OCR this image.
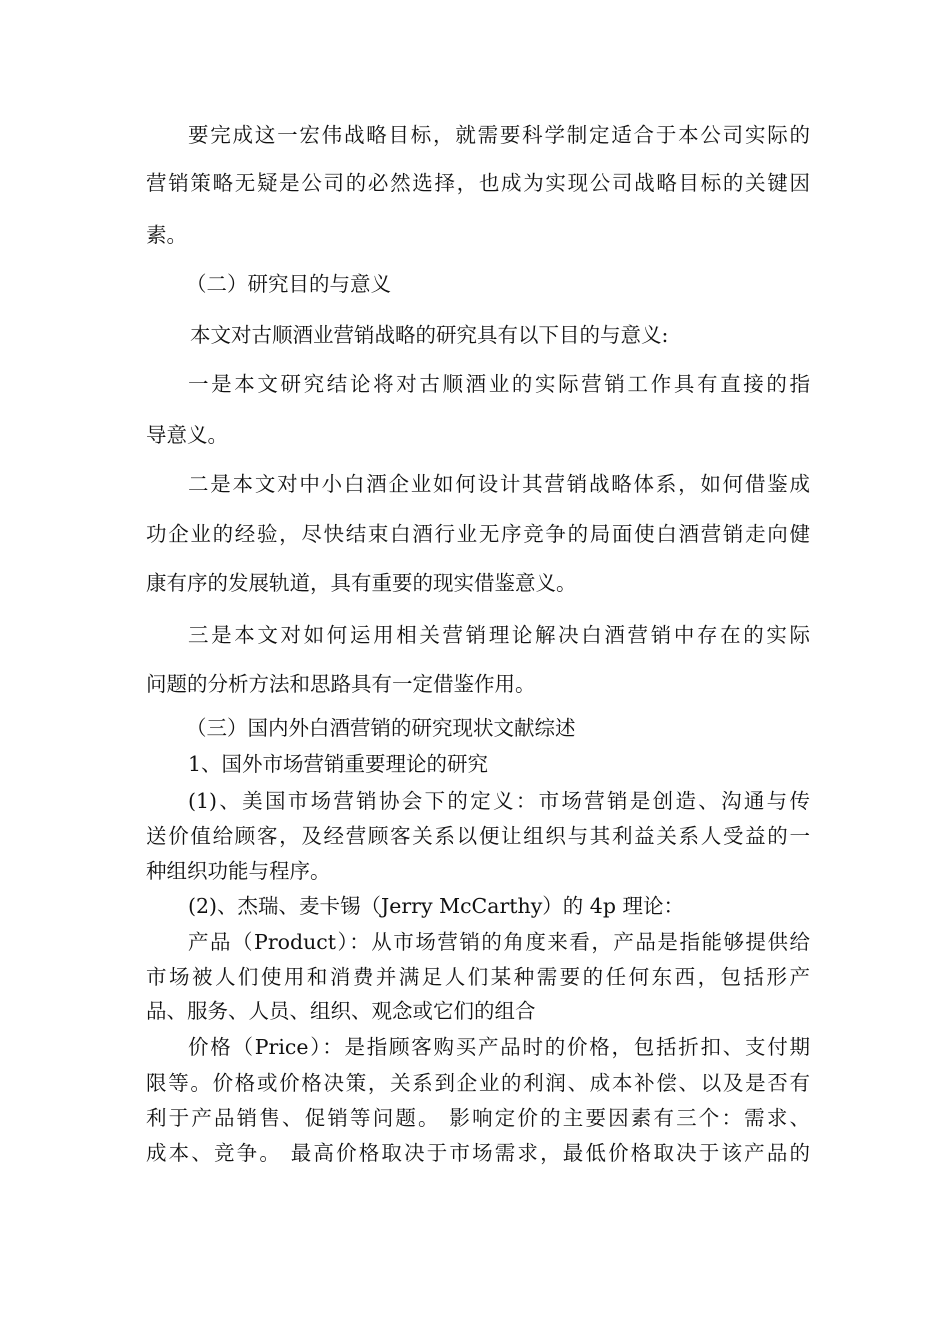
要完成这一宏伟战略目标，就需要科学制定适合于本公司实际的

营销策略无疑是公司的必然选择，也成为实现公司战略目标的关键因

素。

（二）研究目的与意义

本文对古顺酒业营销战略的研究具有以下目的与意义:

一是本文研究结论将对古顺酒业的实际营销工作具有直接的指

导意义。

二是本文对中小白酒企业如何设计其营销战略体系，如何借鉴成

功企业的经验，尽快结束白酒行业无序竞争的局面使白酒营销走向健

康有序的发展轨道，具有重要的现实借鉴意义。

三是本文对如何运用相关营销理论解决白酒营销中存在的实际

问题的分析方法和思路具有一定借鉴作用。

（三）国内外白酒营销的研究现状文献综述

1、国外市场营销重要理论的研究

(1)、美国市场营销协会下的定义：市场营销是创造、沟通与传

送价值给顾客，及经营顾客关系以便让组织与其利益关系人受益的一

种组织功能与程序。

(2)、杰瑞、麦卡锡（Jerry McCarthy）的 4p 理论：

产品（Product）：从市场营销的角度来看，产品是指能够提供给

市场被人们使用和消费并满足人们某种需要的任何东西，包括形产

品、服务、人员、组织、观念或它们的组合

价格（Price）：是指顾客购买产品时的价格，包括折扣、支付期

限等。价格或价格决策，关系到企业的利润、成本补偿、以及是否有

利于产品销售、促销等问题。 影响定价的主要因素有三个：需求、

成本、竞争。 最高价格取决于市场需求，最低价格取决于该产品的
